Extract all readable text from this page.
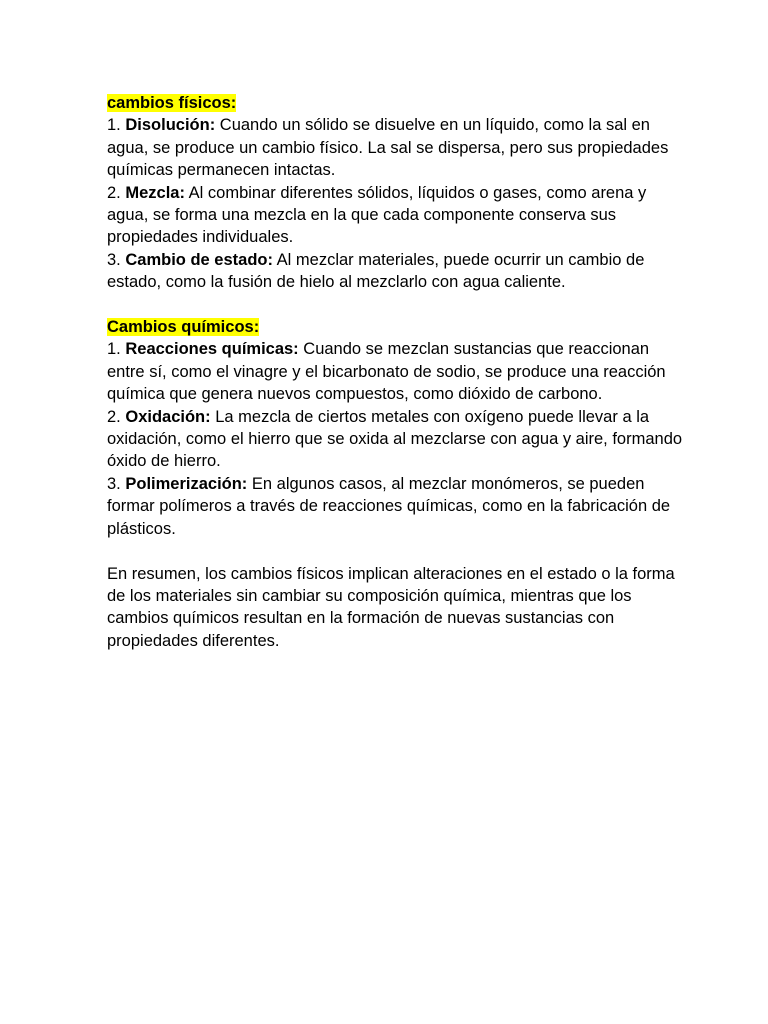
cambios físicos:
1. Disolución: Cuando un sólido se disuelve en un líquido, como la sal en agua, se produce un cambio físico. La sal se dispersa, pero sus propiedades químicas permanecen intactas.
2. Mezcla: Al combinar diferentes sólidos, líquidos o gases, como arena y agua, se forma una mezcla en la que cada componente conserva sus propiedades individuales.
3. Cambio de estado: Al mezclar materiales, puede ocurrir un cambio de estado, como la fusión de hielo al mezclarlo con agua caliente.
Cambios químicos:
1. Reacciones químicas: Cuando se mezclan sustancias que reaccionan entre sí, como el vinagre y el bicarbonato de sodio, se produce una reacción química que genera nuevos compuestos, como dióxido de carbono.
2. Oxidación: La mezcla de ciertos metales con oxígeno puede llevar a la oxidación, como el hierro que se oxida al mezclarse con agua y aire, formando óxido de hierro.
3. Polimerización: En algunos casos, al mezclar monómeros, se pueden formar polímeros a través de reacciones químicas, como en la fabricación de plásticos.
En resumen, los cambios físicos implican alteraciones en el estado o la forma de los materiales sin cambiar su composición química, mientras que los cambios químicos resultan en la formación de nuevas sustancias con propiedades diferentes.
